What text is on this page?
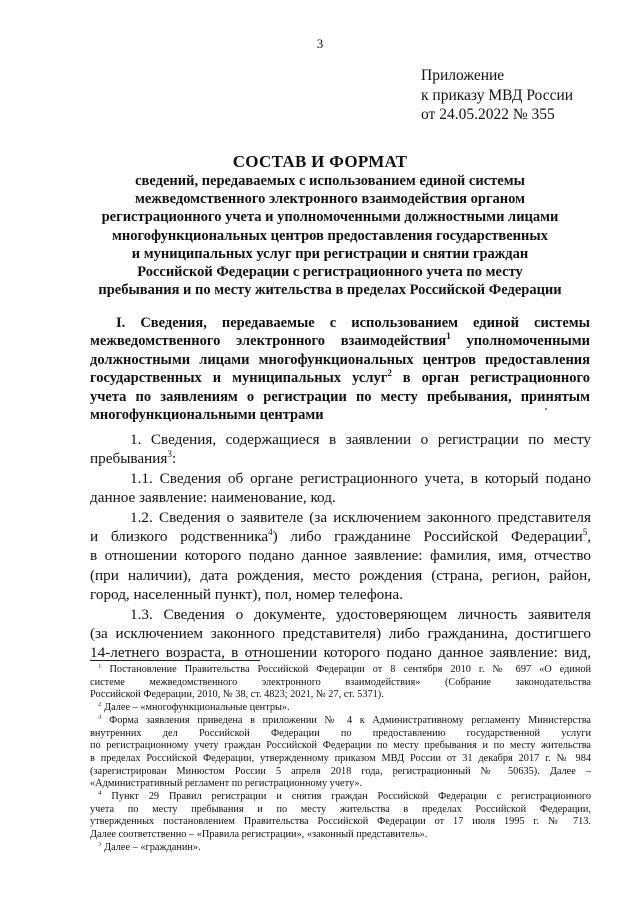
3
Приложение
к приказу МВД России
от 24.05.2022 № 355
СОСТАВ И ФОРМАТ
сведений, передаваемых с использованием единой системы
межведомственного электронного взаимодействия органом
регистрационного учета и уполномоченными должностными лицами
многофункциональных центров предоставления государственных
и муниципальных услуг при регистрации и снятии граждан
Российской Федерации с регистрационного учета по месту
пребывания и по месту жительства в пределах Российской Федерации
I. Сведения, передаваемые с использованием единой системы
межведомственного электронного взаимодействия$^1$ уполномоченными
должностными лицами многофункциональных центров предоставления
государственных и муниципальных услуг$^2$ в орган регистрационного
учета по заявлениям о регистрации по месту пребывания, принятым
многофункциональными центрами
1. Сведения, содержащиеся в заявлении о регистрации по месту
пребывания$^3$:
1.1. Сведения об органе регистрационного учета, в который подано
данное заявление: наименование, код.
1.2. Сведения о заявителе (за исключением законного представителя
и близкого родственника$^4$) либо гражданине Российской Федерации$^5$,
в отношении которого подано данное заявление: фамилия, имя, отчество
(при наличии), дата рождения, место рождения (страна, регион, район,
город, населенный пункт), пол, номер телефона.
1.3. Сведения о документе, удостоверяющем личность заявителя
(за исключением законного представителя) либо гражданина, достигшего
14-летнего возраста, в отношении которого подано данное заявление: вид,
$^1$ Постановление Правительства Российской Федерации от 8 сентября 2010 г. № 697 «О единой
системе межведомственного электронного взаимодействия» (Собрание законодательства
Российской Федерации, 2010, № 38, ст. 4823; 2021, № 27, ст. 5371).
$^2$ Далее – «многофункциональные центры».
$^3$ Форма заявления приведена в приложении № 4 к Административному регламенту Министерства
внутренних дел Российской Федерации по предоставлению государственной услуги
по регистрационному учету граждан Российской Федерации по месту пребывания и по месту жительства
в пределах Российской Федерации, утвержденному приказом МВД России от 31 декабря 2017 г. № 984
(зарегистрирован Минюстом России 5 апреля 2018 года, регистрационный № 50635). Далее –
«Административный регламент по регистрационному учету».
$^4$ Пункт 29 Правил регистрации и снятия граждан Российской Федерации с регистрационного
учета по месту пребывания и по месту жительства в пределах Российской Федерации,
утвержденных постановлением Правительства Российской Федерации от 17 июля 1995 г. № 713.
Далее соответственно – «Правила регистрации», «законный представитель».
$^5$ Далее – «гражданин».
